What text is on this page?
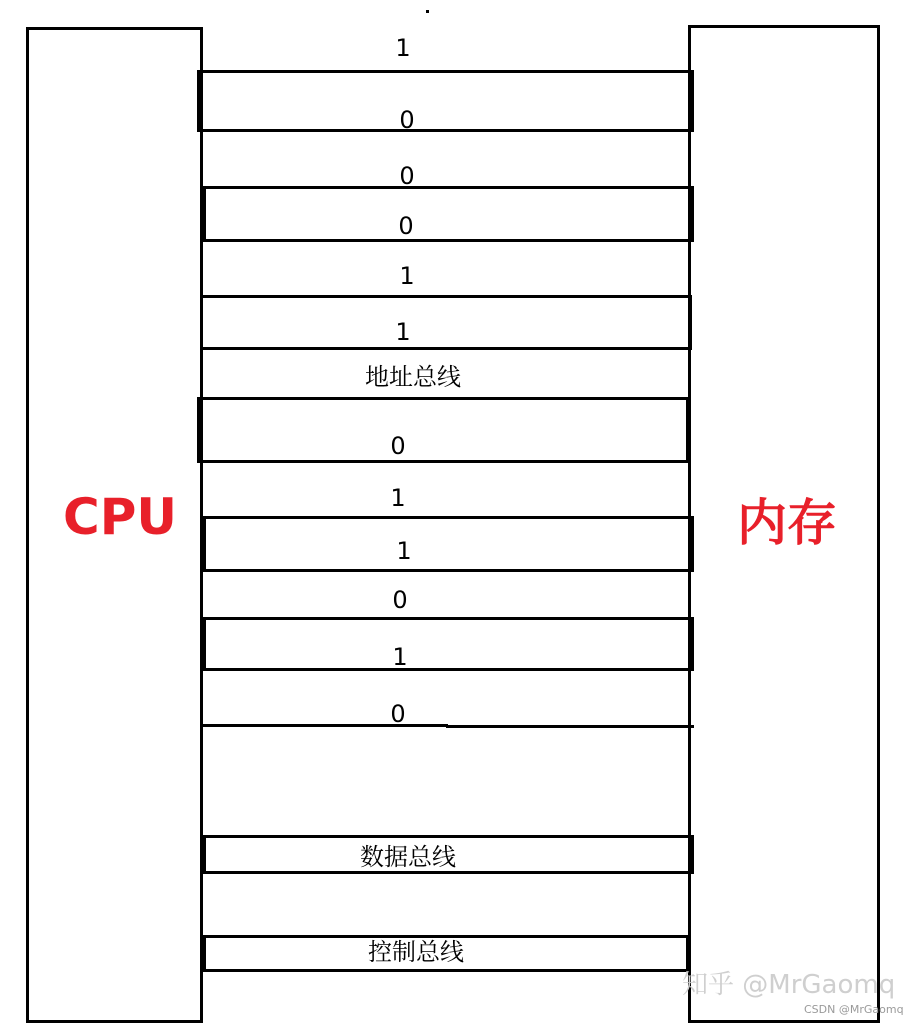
CPU	内存
1
0
0
0
1
1
地址总线
0
1
1
0
1
0
数据总线
控制总线
知乎 @MrGaomq
CSDN @MrGaomq
